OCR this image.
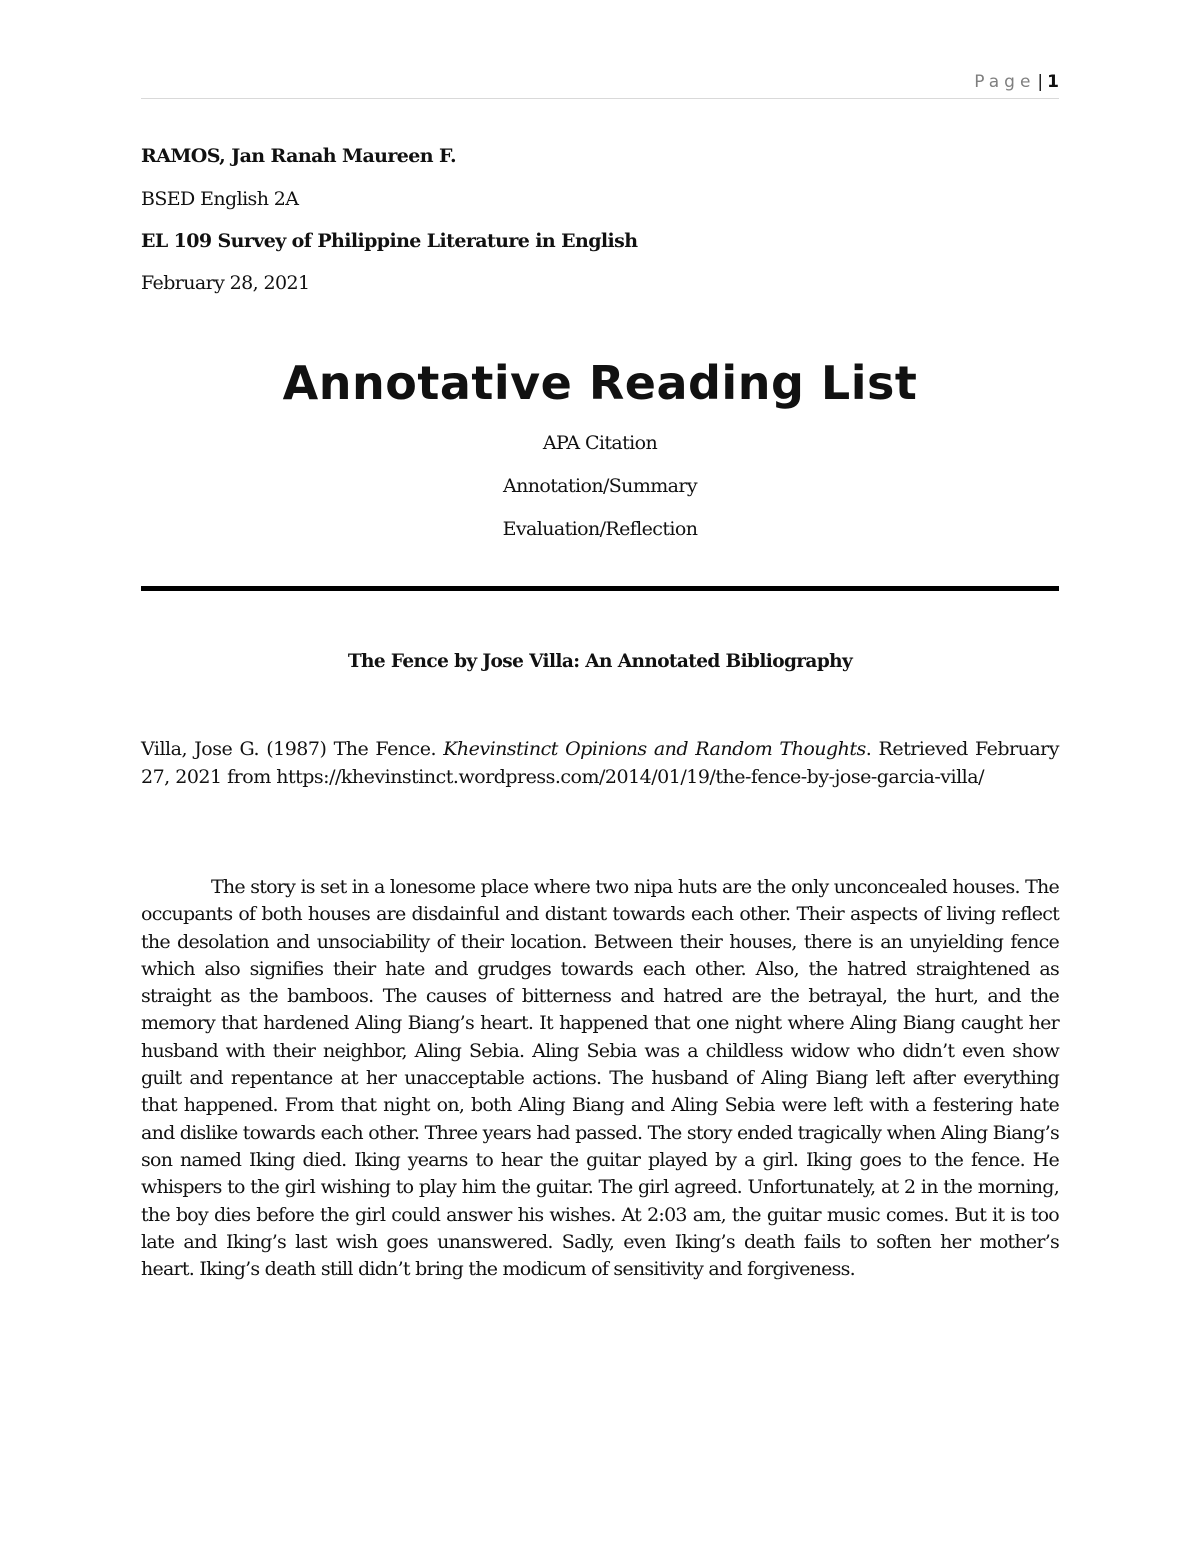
Page | 1
RAMOS, Jan Ranah Maureen F.
BSED English 2A
EL 109 Survey of Philippine Literature in English
February 28, 2021
Annotative Reading List
APA Citation
Annotation/Summary
Evaluation/Reflection
The Fence by Jose Villa: An Annotated Bibliography
Villa, Jose G. (1987) The Fence. Khevinstinct Opinions and Random Thoughts. Retrieved February 27, 2021 from https://khevinstinct.wordpress.com/2014/01/19/the-fence-by-jose-garcia-villa/
The story is set in a lonesome place where two nipa huts are the only unconcealed houses. The occupants of both houses are disdainful and distant towards each other. Their aspects of living reflect the desolation and unsociability of their location. Between their houses, there is an unyielding fence which also signifies their hate and grudges towards each other. Also, the hatred straightened as straight as the bamboos. The causes of bitterness and hatred are the betrayal, the hurt, and the memory that hardened Aling Biang’s heart. It happened that one night where Aling Biang caught her husband with their neighbor, Aling Sebia. Aling Sebia was a childless widow who didn’t even show guilt and repentance at her unacceptable actions. The husband of Aling Biang left after everything that happened. From that night on, both Aling Biang and Aling Sebia were left with a festering hate and dislike towards each other. Three years had passed. The story ended tragically when Aling Biang’s son named Iking died. Iking yearns to hear the guitar played by a girl. Iking goes to the fence. He whispers to the girl wishing to play him the guitar. The girl agreed. Unfortunately, at 2 in the morning, the boy dies before the girl could answer his wishes. At 2:03 am, the guitar music comes. But it is too late and Iking’s last wish goes unanswered. Sadly, even Iking’s death fails to soften her mother’s heart. Iking’s death still didn’t bring the modicum of sensitivity and forgiveness.
